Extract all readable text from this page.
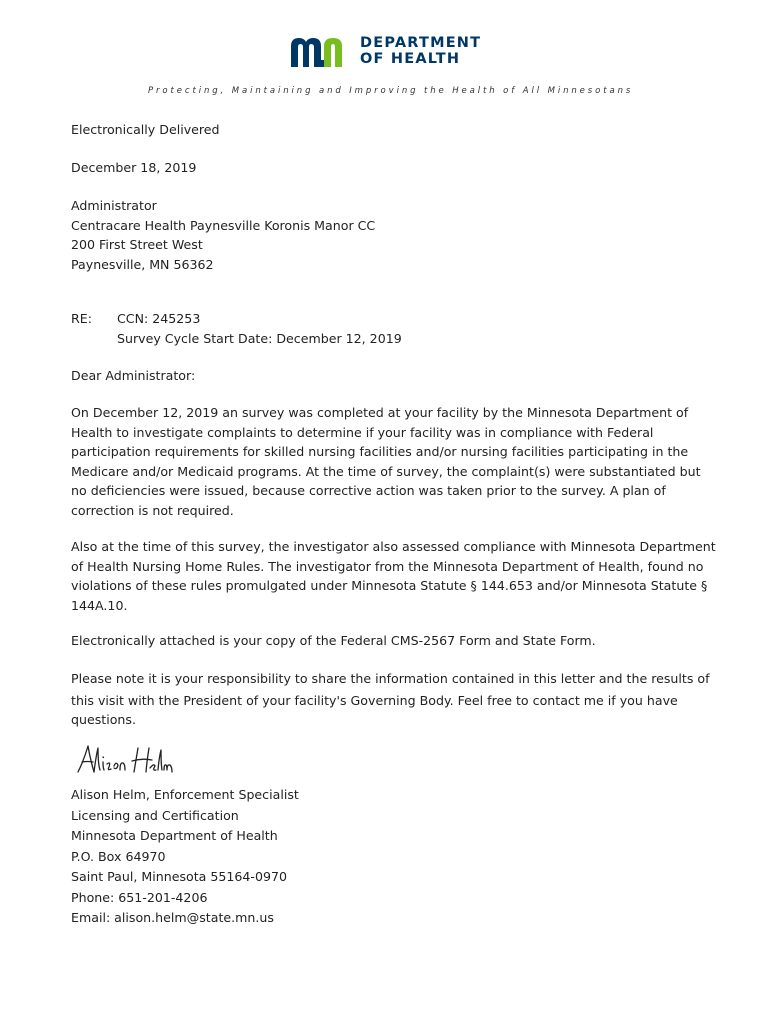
DEPARTMENT
OF HEALTH
Protecting, Maintaining and Improving the Health of All Minnesotans
Electronically Delivered
December 18, 2019
Administrator
Centracare Health Paynesville Koronis Manor CC
200 First Street West
Paynesville, MN 56362
RE: CCN: 245253
Survey Cycle Start Date: December 12, 2019
Dear Administrator:
On December 12, 2019 an survey was completed at your facility by the Minnesota Department of
Health to investigate complaints to determine if your facility was in compliance with Federal
participation requirements for skilled nursing facilities and/or nursing facilities participating in the
Medicare and/or Medicaid programs. At the time of survey, the complaint(s) were substantiated but
no deficiencies were issued, because corrective action was taken prior to the survey. A plan of
correction is not required.
Also at the time of this survey, the investigator also assessed compliance with Minnesota Department
of Health Nursing Home Rules. The investigator from the Minnesota Department of Health, found no
violations of these rules promulgated under Minnesota Statute § 144.653 and/or Minnesota Statute §
144A.10.
Electronically attached is your copy of the Federal CMS-2567 Form and State Form.
Please note it is your responsibility to share the information contained in this letter and the results of
this visit with the President of your facility's Governing Body. Feel free to contact me if you have
questions.
Alison Helm, Enforcement Specialist
Licensing and Certification
Minnesota Department of Health
P.O. Box 64970
Saint Paul, Minnesota 55164-0970
Phone: 651-201-4206
Email: alison.helm@state.mn.us
